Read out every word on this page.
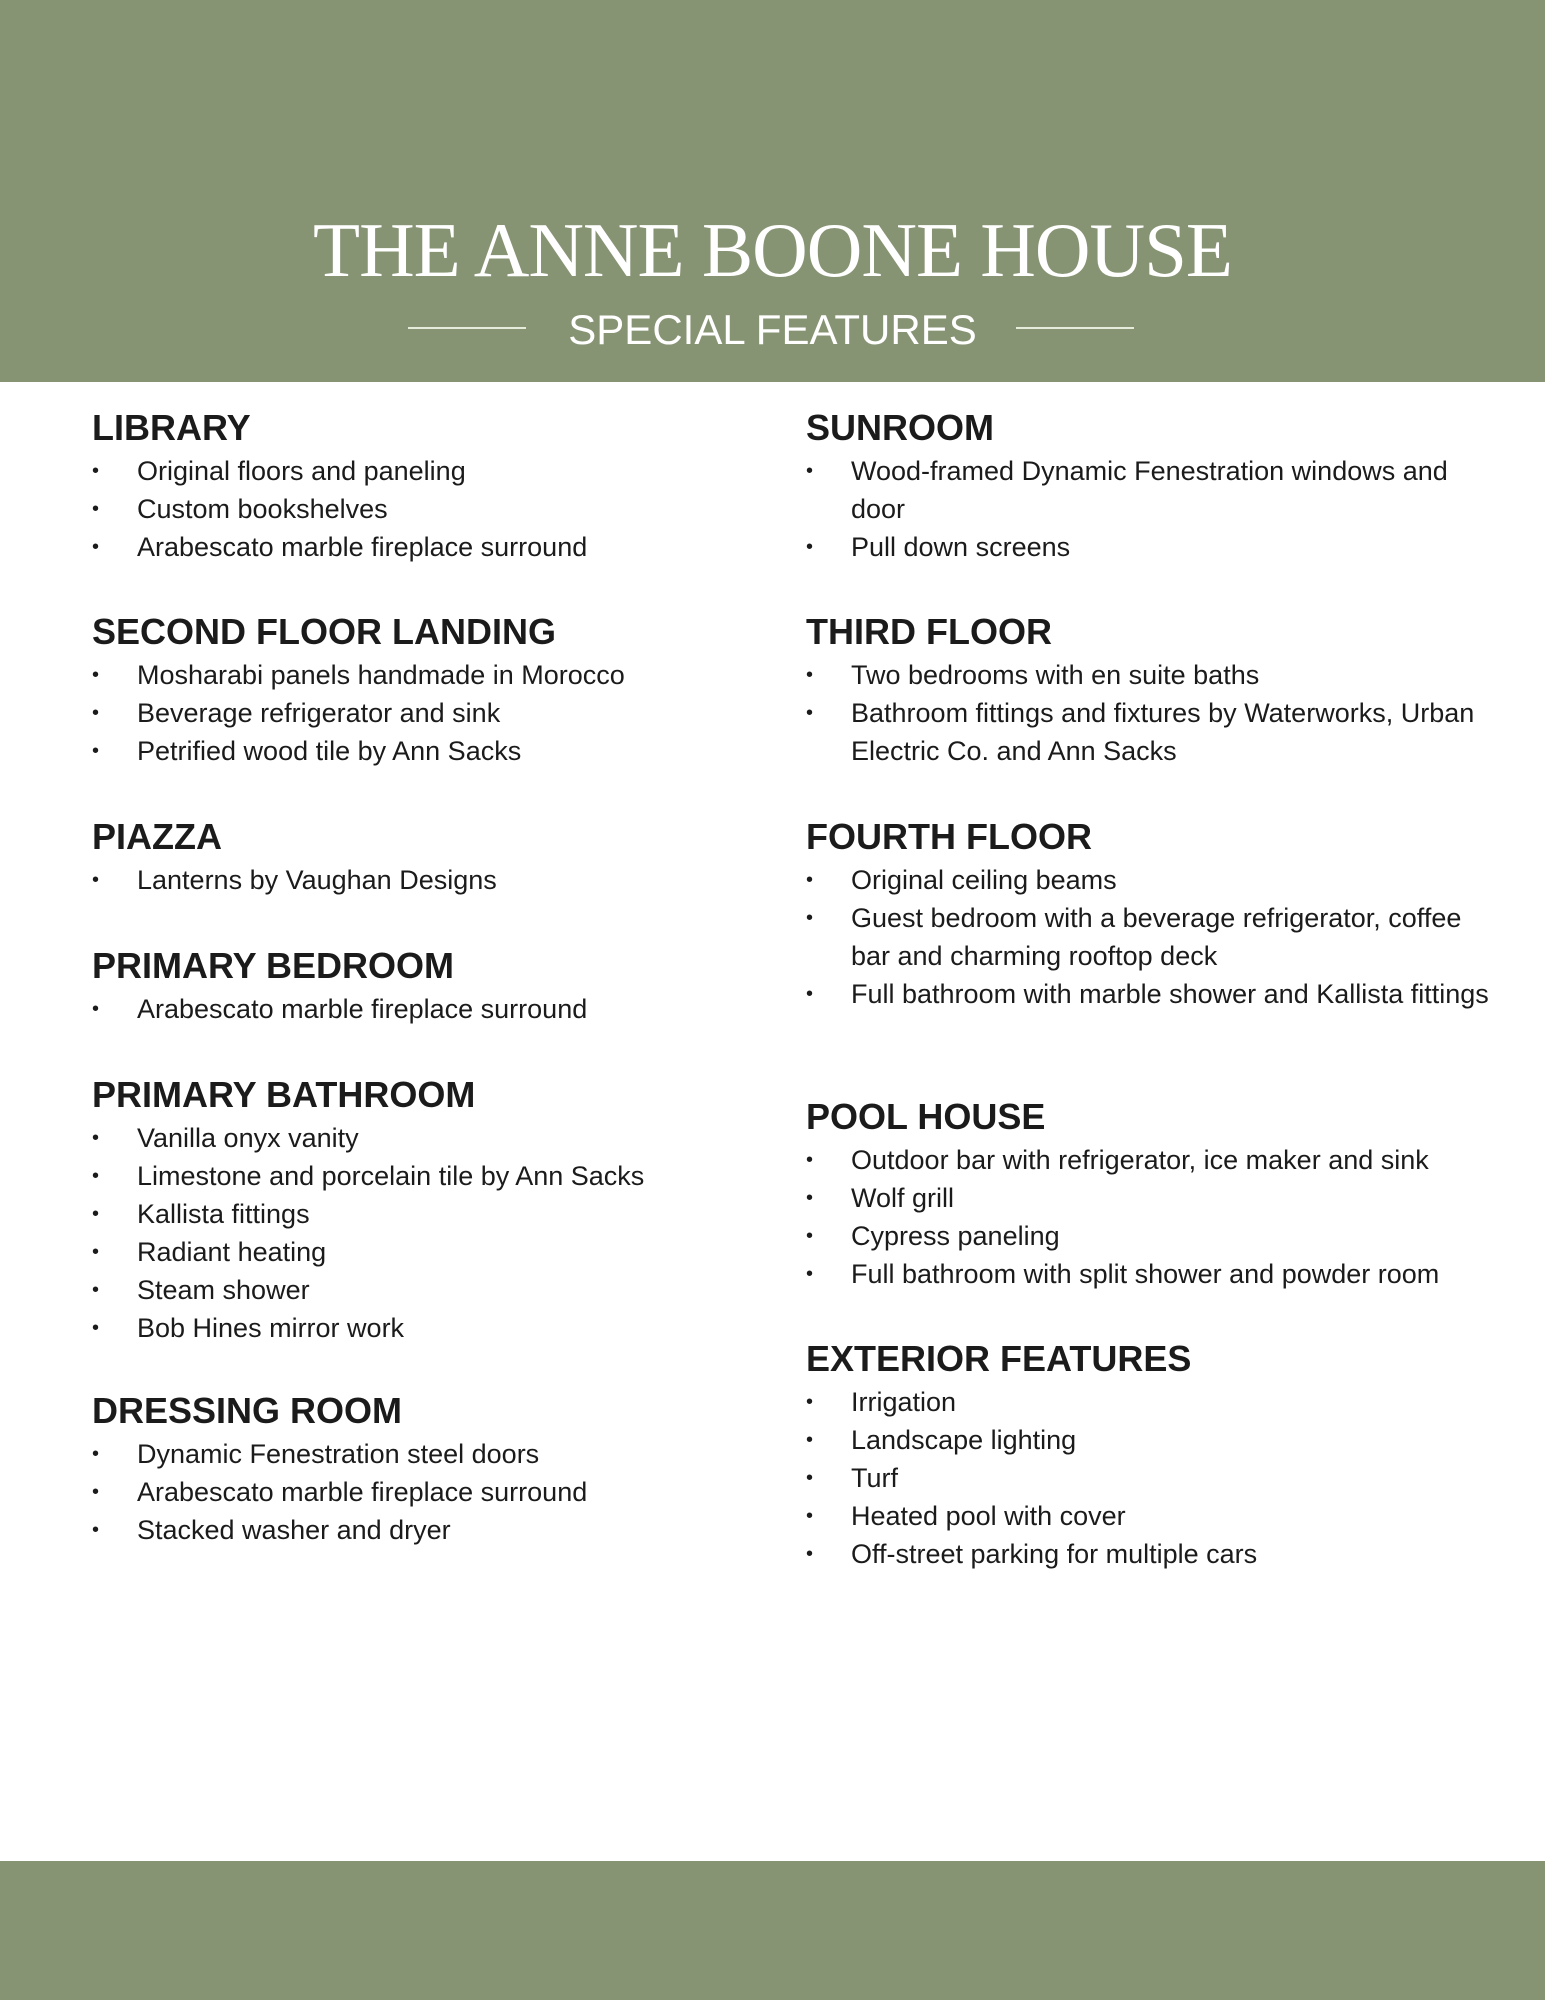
THE ANNE BOONE HOUSE
SPECIAL FEATURES
LIBRARY
•	Original floors and paneling
•	Custom bookshelves
•	Arabescato marble fireplace surround
SECOND FLOOR LANDING
•	Mosharabi panels handmade in Morocco
•	Beverage refrigerator and sink
•	Petrified wood tile by Ann Sacks
PIAZZA
•	Lanterns by Vaughan Designs
PRIMARY BEDROOM
•	Arabescato marble fireplace surround
PRIMARY BATHROOM
•	Vanilla onyx vanity
•	Limestone and porcelain tile by Ann Sacks
•	Kallista fittings
•	Radiant heating
•	Steam shower
•	Bob Hines mirror work
DRESSING ROOM
•	Dynamic Fenestration steel doors
•	Arabescato marble fireplace surround
•	Stacked washer and dryer
SUNROOM
•	Wood-framed Dynamic Fenestration windows and door
•	Pull down screens
THIRD FLOOR
•	Two bedrooms with en suite baths
•	Bathroom fittings and fixtures by Waterworks, Urban Electric Co. and Ann Sacks
FOURTH FLOOR
•	Original ceiling beams
•	Guest bedroom with a beverage refrigerator, coffee bar and charming rooftop deck
•	Full bathroom with marble shower and Kallista fittings
POOL HOUSE
•	Outdoor bar with refrigerator, ice maker and sink
•	Wolf grill
•	Cypress paneling
•	Full bathroom with split shower and powder room
EXTERIOR FEATURES
•	Irrigation
•	Landscape lighting
•	Turf
•	Heated pool with cover
•	Off-street parking for multiple cars
